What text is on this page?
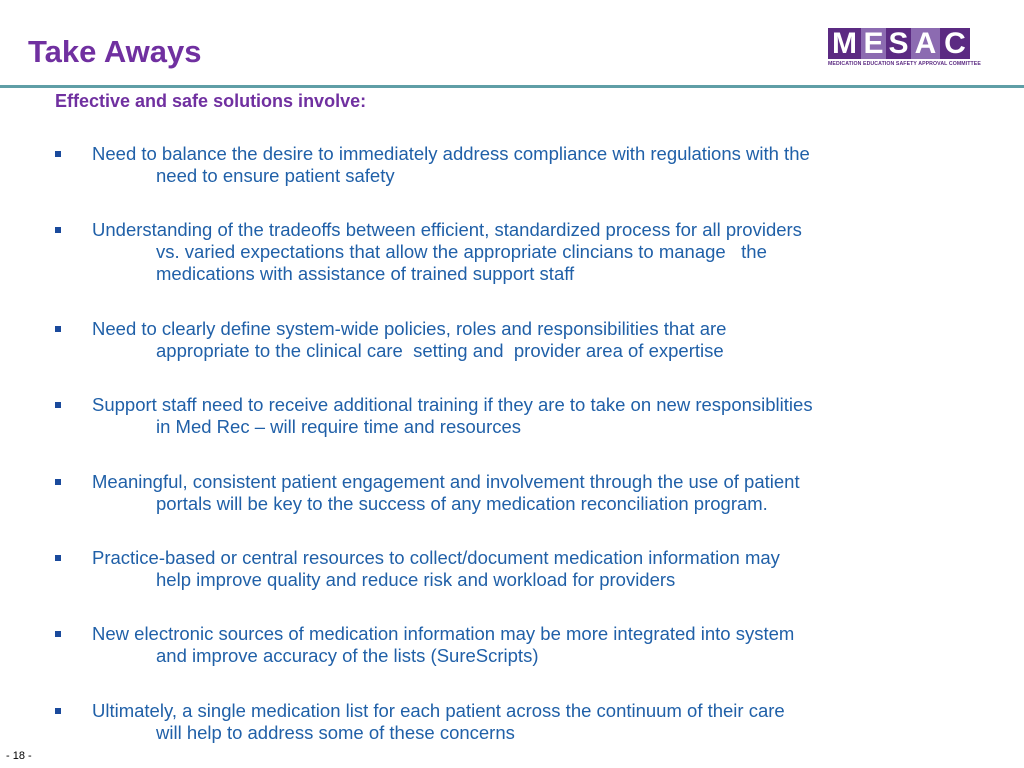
Take Aways	M E S A C
MEDICATION EDUCATION SAFETY APPROVAL COMMITTEE
Effective and safe solutions involve:
Need to balance the desire to immediately address compliance with regulations with the
need to ensure patient safety
Understanding of the tradeoffs between efficient, standardized process for all providers
vs. varied expectations that allow the appropriate clincians to manage   the
medications with assistance of trained support staff
Need to clearly define system-wide policies, roles and responsibilities that are
appropriate to the clinical care  setting and  provider area of expertise
Support staff need to receive additional training if they are to take on new responsiblities
in Med Rec – will require time and resources
Meaningful, consistent patient engagement and involvement through the use of patient
portals will be key to the success of any medication reconciliation program.
Practice-based or central resources to collect/document medication information may
help improve quality and reduce risk and workload for providers
New electronic sources of medication information may be more integrated into system
and improve accuracy of the lists (SureScripts)
Ultimately, a single medication list for each patient across the continuum of their care
will help to address some of these concerns
- 18 -
